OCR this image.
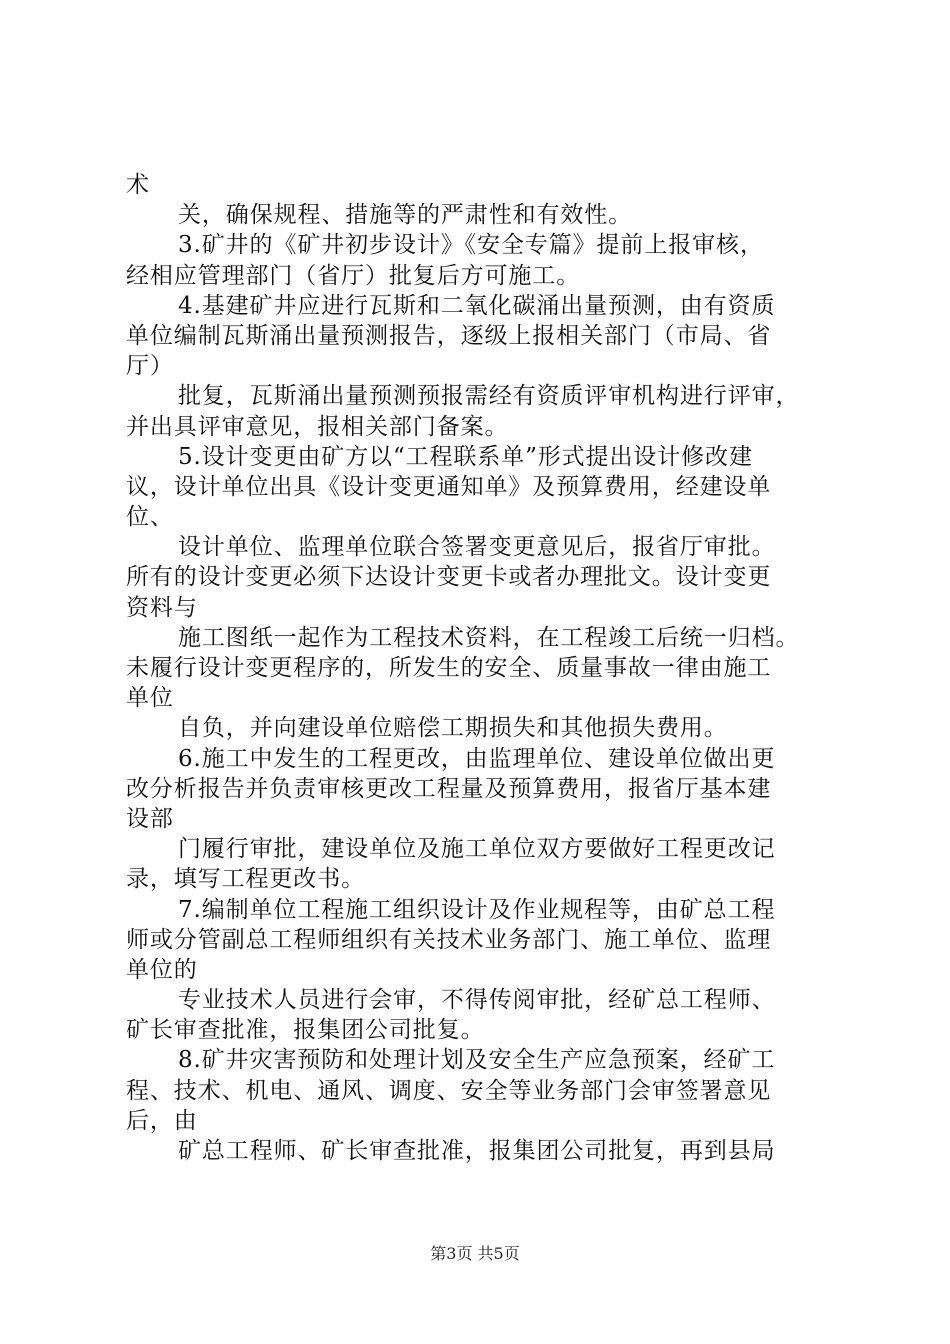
术
关，确保规程、措施等的严肃性和有效性。
3.矿井的《矿井初步设计》《安全专篇》提前上报审核，
经相应管理部门（省厅）批复后方可施工。
4.基建矿井应进行瓦斯和二氧化碳涌出量预测，由有资质
单位编制瓦斯涌出量预测报告，逐级上报相关部门（市局、省
厅）
批复，瓦斯涌出量预测预报需经有资质评审机构进行评审，
并出具评审意见，报相关部门备案。
5.设计变更由矿方以“工程联系单”形式提出设计修改建
议，设计单位出具《设计变更通知单》及预算费用，经建设单
位、
设计单位、监理单位联合签署变更意见后，报省厅审批。
所有的设计变更必须下达设计变更卡或者办理批文。设计变更
资料与
施工图纸一起作为工程技术资料，在工程竣工后统一归档。
未履行设计变更程序的，所发生的安全、质量事故一律由施工
单位
自负，并向建设单位赔偿工期损失和其他损失费用。
6.施工中发生的工程更改，由监理单位、建设单位做出更
改分析报告并负责审核更改工程量及预算费用，报省厅基本建
设部
门履行审批，建设单位及施工单位双方要做好工程更改记
录，填写工程更改书。
7.编制单位工程施工组织设计及作业规程等，由矿总工程
师或分管副总工程师组织有关技术业务部门、施工单位、监理
单位的
专业技术人员进行会审，不得传阅审批，经矿总工程师、
矿长审查批准，报集团公司批复。
8.矿井灾害预防和处理计划及安全生产应急预案，经矿工
程、技术、机电、通风、调度、安全等业务部门会审签署意见
后，由
矿总工程师、矿长审查批准，报集团公司批复，再到县局
第3页 共5页
